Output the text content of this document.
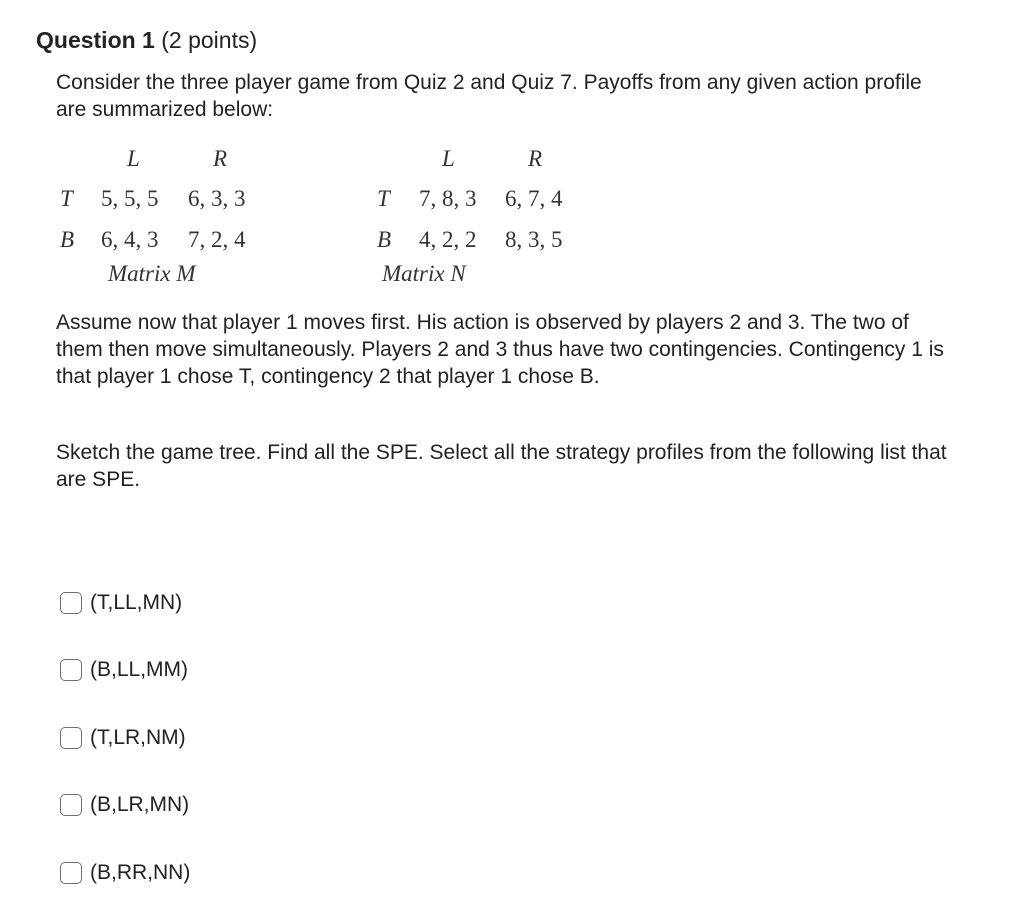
Question 1 (2 points)
Consider the three player game from Quiz 2 and Quiz 7. Payoffs from any given action profile are summarized below:
L	R
T 5, 5, 5 6, 3, 3
B 6, 4, 3 7, 2, 4
Matrix M
L	R
T 7, 8, 3 6, 7, 4
B 4, 2, 2 8, 3, 5
Matrix N
Assume now that player 1 moves first. His action is observed by players 2 and 3. The two of them then move simultaneously. Players 2 and 3 thus have two contingencies. Contingency 1 is that player 1 chose T, contingency 2 that player 1 chose B.
Sketch the game tree. Find all the SPE. Select all the strategy profiles from the following list that are SPE.
(T,LL,MN)
(B,LL,MM)
(T,LR,NM)
(B,LR,MN)
(B,RR,NN)
